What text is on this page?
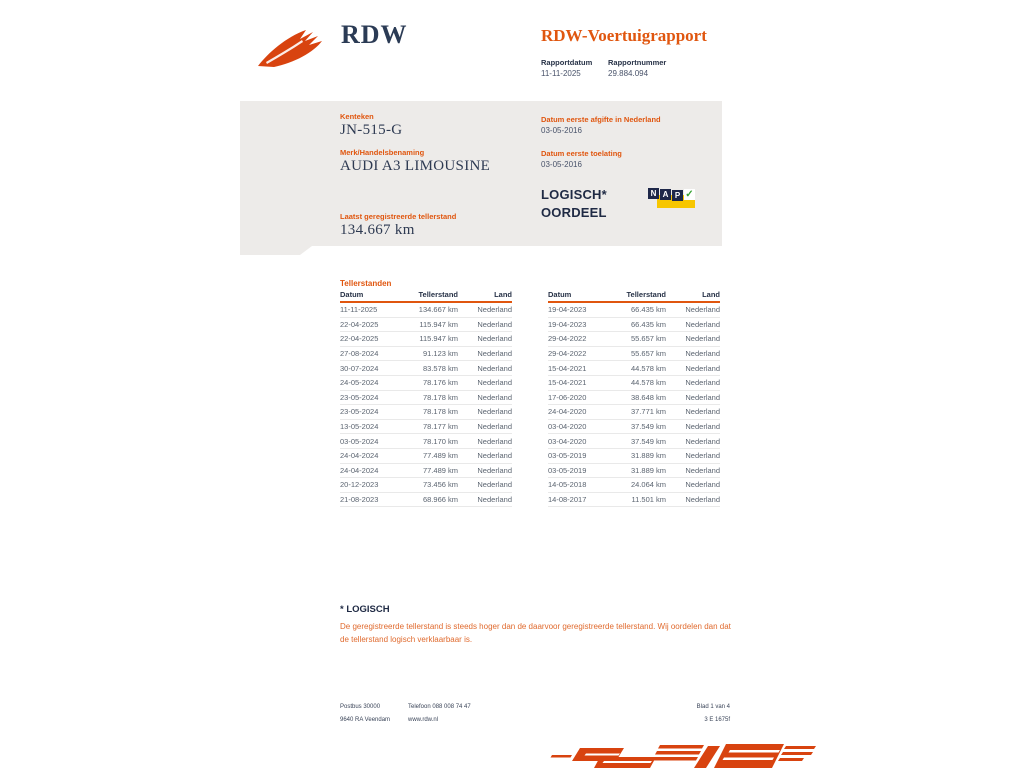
RDW	RDW-Voertuigrapport
Rapportdatum Rapportnummer
11-11-2025	29.884.094
Kenteken
JN-515-G
Merk/Handelsbenaming
AUDI A3 LIMOUSINE
Laatst geregistreerde tellerstand
134.667 km
Datum eerste afgifte in Nederland
03-05-2016
Datum eerste toelating
03-05-2016
LOGISCH*
OORDEEL
N A P ✓
Tellerstanden
Datum	Tellerstand	Land
11-11-2025	134.667 km	Nederland
22-04-2025	115.947 km	Nederland
22-04-2025	115.947 km	Nederland
27-08-2024	91.123 km	Nederland
30-07-2024	83.578 km	Nederland
24-05-2024	78.176 km	Nederland
23-05-2024	78.178 km	Nederland
23-05-2024	78.178 km	Nederland
13-05-2024	78.177 km	Nederland
03-05-2024	78.170 km	Nederland
24-04-2024	77.489 km	Nederland
24-04-2024	77.489 km	Nederland
20-12-2023	73.456 km	Nederland
21-08-2023	68.966 km	Nederland
Datum	Tellerstand	Land
19-04-2023	66.435 km	Nederland
19-04-2023	66.435 km	Nederland
29-04-2022	55.657 km	Nederland
29-04-2022	55.657 km	Nederland
15-04-2021	44.578 km	Nederland
15-04-2021	44.578 km	Nederland
17-06-2020	38.648 km	Nederland
24-04-2020	37.771 km	Nederland
03-04-2020	37.549 km	Nederland
03-04-2020	37.549 km	Nederland
03-05-2019	31.889 km	Nederland
03-05-2019	31.889 km	Nederland
14-05-2018	24.064 km	Nederland
14-08-2017	11.501 km	Nederland
* LOGISCH
De geregistreerde tellerstand is steeds hoger dan de daarvoor geregistreerde tellerstand. Wij oordelen dan dat de tellerstand logisch verklaarbaar is.
Postbus 30000
9640 RA Veendam
Telefoon 088 008 74 47
www.rdw.nl
Blad 1 van 4
3 E 1675f
